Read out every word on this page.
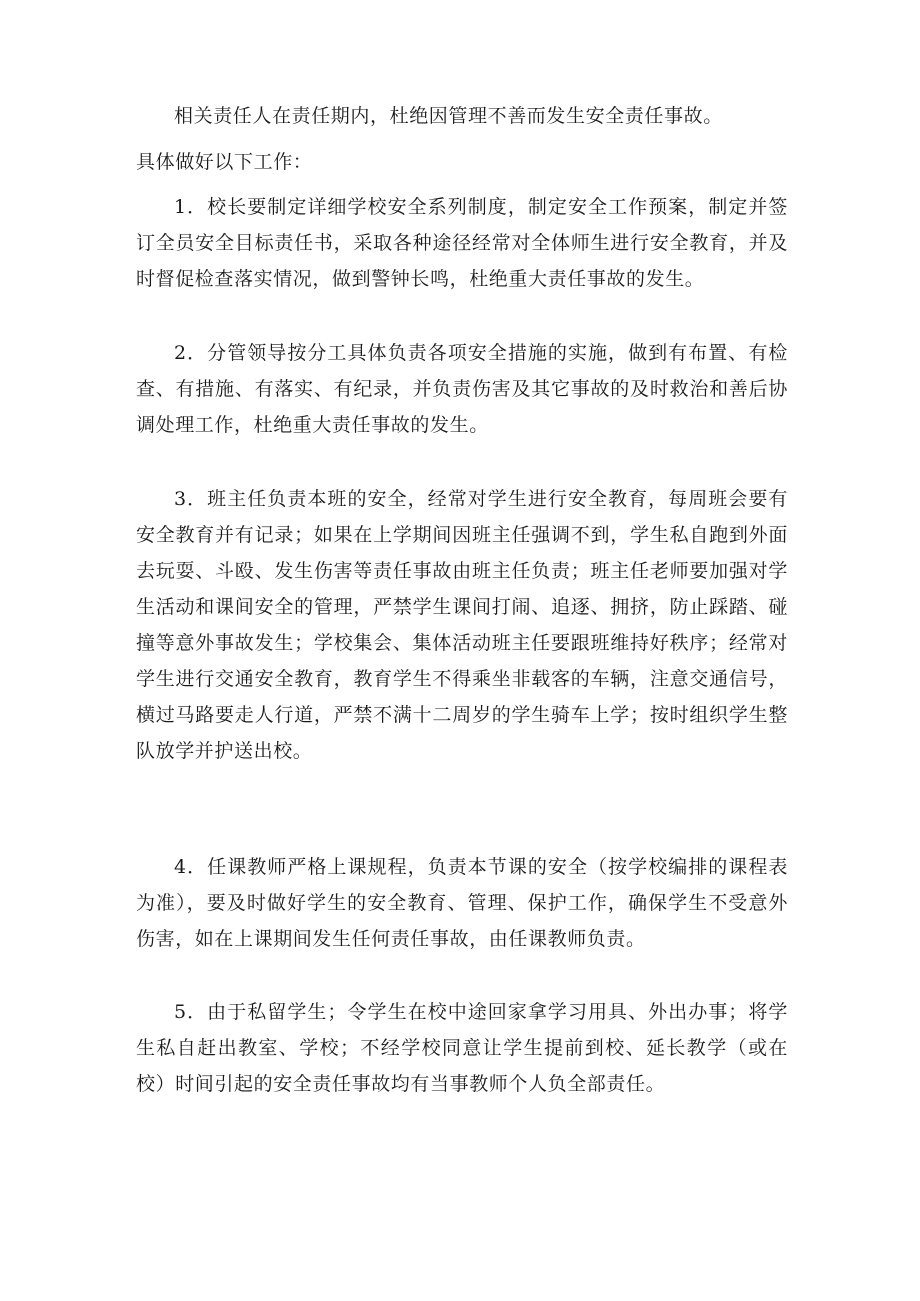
相关责任人在责任期内，杜绝因管理不善而发生安全责任事故。

具体做好以下工作：

1．校长要制定详细学校安全系列制度，制定安全工作预案，制定并签订全员安全目标责任书，采取各种途径经常对全体师生进行安全教育，并及时督促检查落实情况，做到警钟长鸣，杜绝重大责任事故的发生。

2．分管领导按分工具体负责各项安全措施的实施，做到有布置、有检查、有措施、有落实、有纪录，并负责伤害及其它事故的及时救治和善后协调处理工作，杜绝重大责任事故的发生。

3．班主任负责本班的安全，经常对学生进行安全教育，每周班会要有安全教育并有记录；如果在上学期间因班主任强调不到，学生私自跑到外面去玩耍、斗殴、发生伤害等责任事故由班主任负责；班主任老师要加强对学生活动和课间安全的管理，严禁学生课间打闹、追逐、拥挤，防止踩踏、碰撞等意外事故发生；学校集会、集体活动班主任要跟班维持好秩序；经常对学生进行交通安全教育，教育学生不得乘坐非载客的车辆，注意交通信号，横过马路要走人行道，严禁不满十二周岁的学生骑车上学；按时组织学生整队放学并护送出校。

4．任课教师严格上课规程，负责本节课的安全（按学校编排的课程表为准），要及时做好学生的安全教育、管理、保护工作，确保学生不受意外伤害，如在上课期间发生任何责任事故，由任课教师负责。

5．由于私留学生；令学生在校中途回家拿学习用具、外出办事；将学生私自赶出教室、学校；不经学校同意让学生提前到校、延长教学（或在校）时间引起的安全责任事故均有当事教师个人负全部责任。
